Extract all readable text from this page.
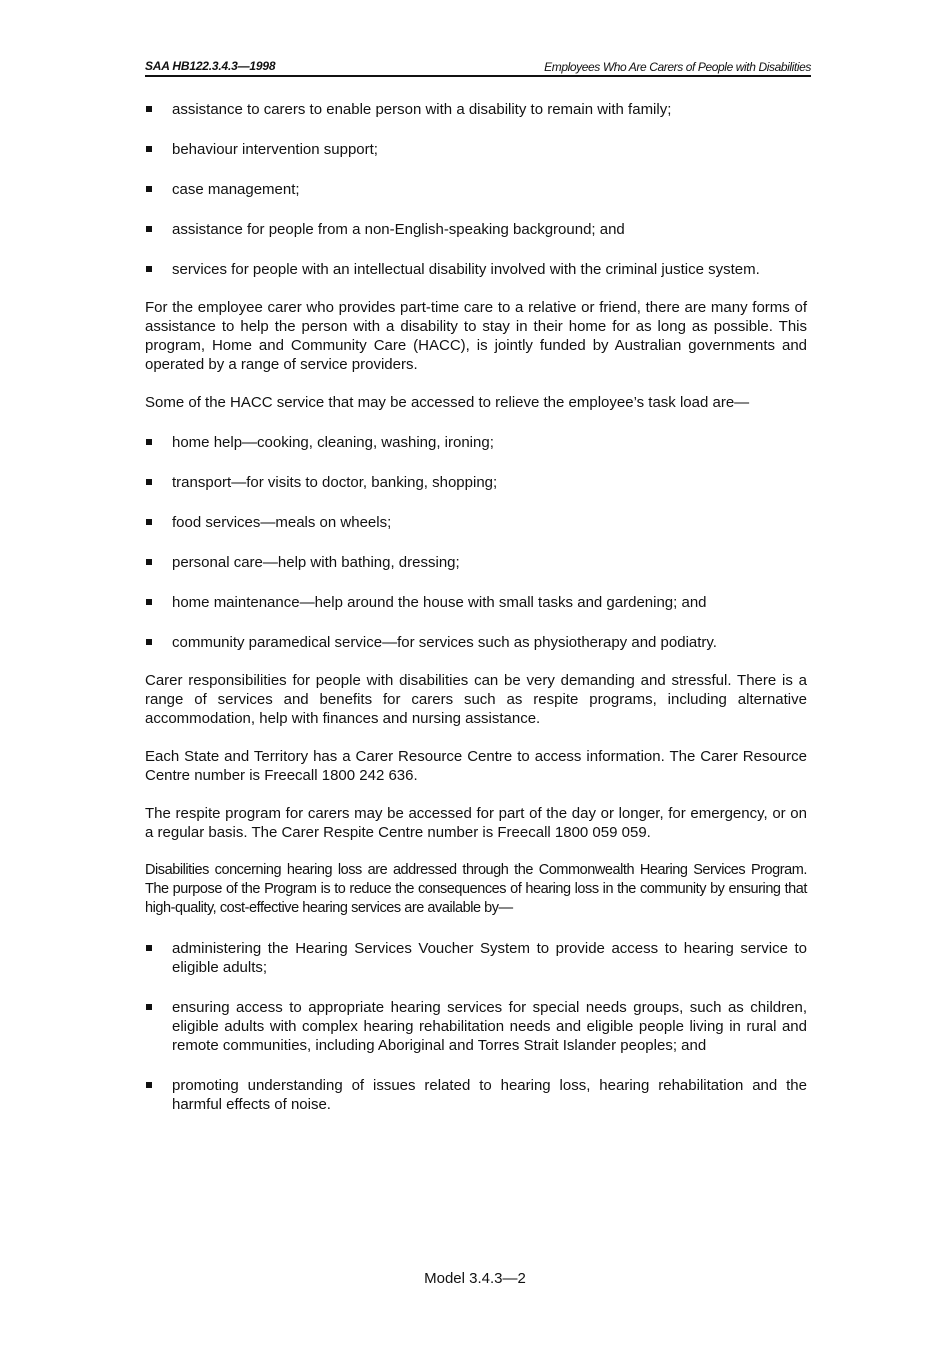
SAA HB122.3.4.3—1998	Employees Who Are Carers of People with Disabilities
assistance to carers to enable person with a disability to remain with family;
behaviour intervention support;
case management;
assistance for people from a non-English-speaking background; and
services for people with an intellectual disability involved with the criminal justice system.

For the employee carer who provides part-time care to a relative or friend, there are many forms of assistance to help the person with a disability to stay in their home for as long as possible. This program, Home and Community Care (HACC), is jointly funded by Australian governments and operated by a range of service providers.

Some of the HACC service that may be accessed to relieve the employee’s task load are—

home help—cooking, cleaning, washing, ironing;
transport—for visits to doctor, banking, shopping;
food services—meals on wheels;
personal care—help with bathing, dressing;
home maintenance—help around the house with small tasks and gardening; and
community paramedical service—for services such as physiotherapy and podiatry.

Carer responsibilities for people with disabilities can be very demanding and stressful. There is a range of services and benefits for carers such as respite programs, including alternative accommodation, help with finances and nursing assistance.

Each State and Territory has a Carer Resource Centre to access information. The Carer Resource Centre number is Freecall 1800 242 636.

The respite program for carers may be accessed for part of the day or longer, for emergency, or on a regular basis. The Carer Respite Centre number is Freecall 1800 059 059.

Disabilities concerning hearing loss are addressed through the Commonwealth Hearing Services Program. The purpose of the Program is to reduce the consequences of hearing loss in the community by ensuring that high-quality, cost-effective hearing services are available by—

administering the Hearing Services Voucher System to provide access to hearing service to eligible adults;
ensuring access to appropriate hearing services for special needs groups, such as children, eligible adults with complex hearing rehabilitation needs and eligible people living in rural and remote communities, including Aboriginal and Torres Strait Islander peoples; and
promoting understanding of issues related to hearing loss, hearing rehabilitation and the harmful effects of noise.
Model 3.4.3—2
